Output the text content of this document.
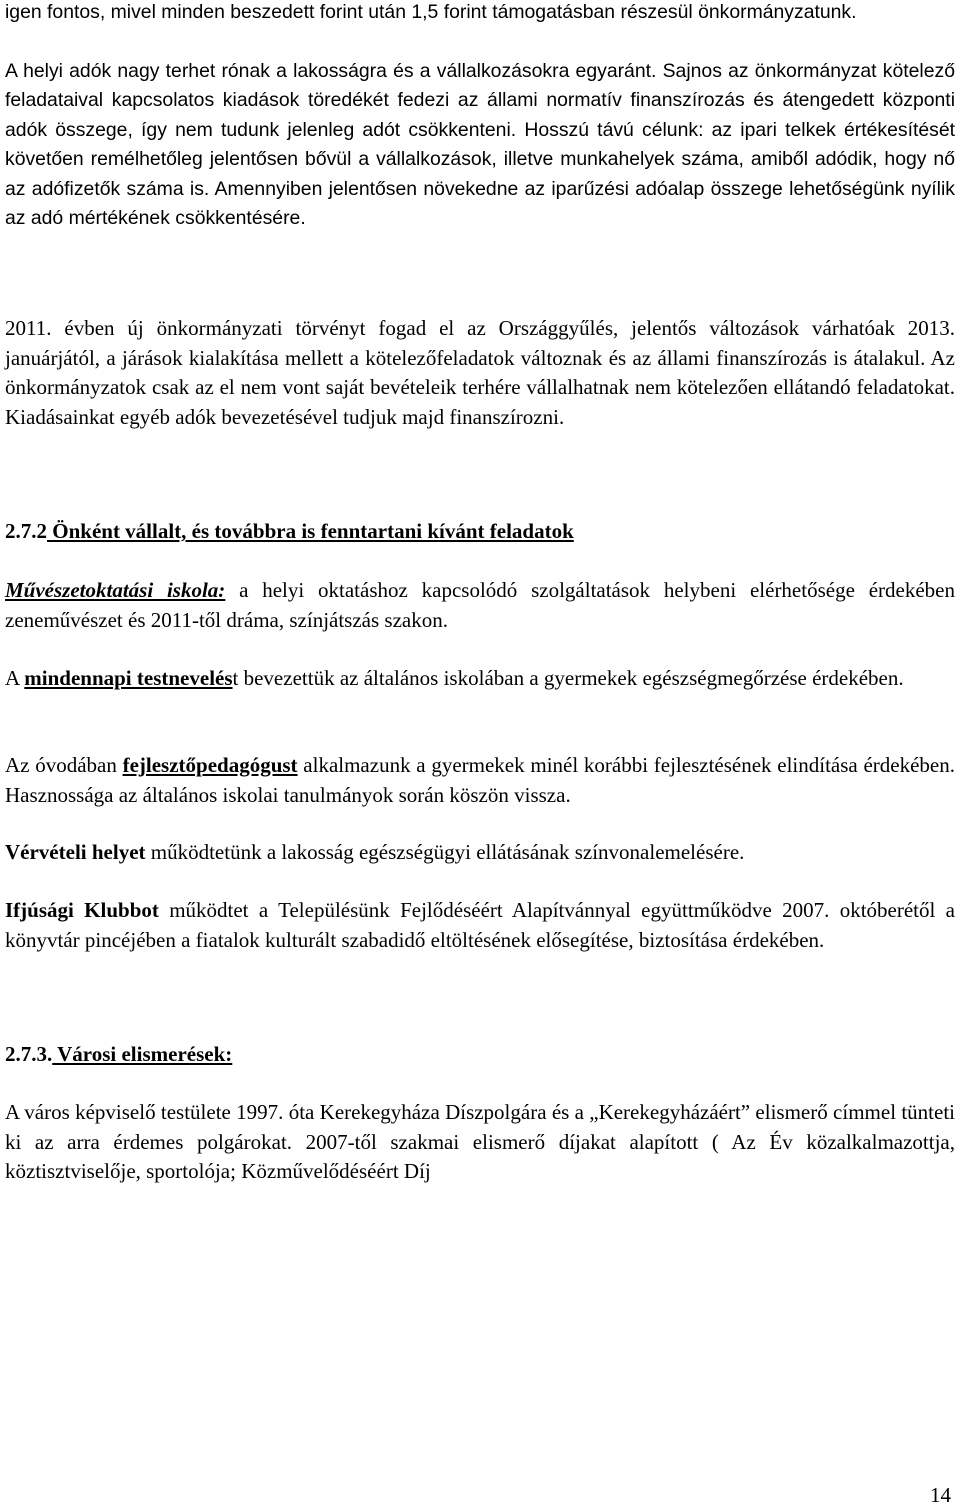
igen fontos, mivel minden beszedett forint után 1,5 forint támogatásban részesül önkormányzatunk.

A helyi adók nagy terhet rónak a lakosságra és a vállalkozásokra egyaránt. Sajnos az önkormányzat kötelező feladataival kapcsolatos kiadások töredékét fedezi az állami normatív finanszírozás és átengedett központi adók összege, így nem tudunk jelenleg adót csökkenteni. Hosszú távú célunk: az ipari telkek értékesítését követően remélhetőleg jelentősen bővül a vállalkozások, illetve munkahelyek száma, amiből adódik, hogy nő az adófizetők száma is. Amennyiben jelentősen növekedne az iparűzési adóalap összege lehetőségünk nyílik az adó mértékének csökkentésére.

2011. évben új önkormányzati törvényt fogad el az Országgyűlés, jelentős változások várhatóak 2013. januárjától, a járások kialakítása mellett a kötelezőfeladatok változnak és az állami finanszírozás is átalakul. Az önkormányzatok csak az el nem vont saját bevételeik terhére vállalhatnak nem kötelezően ellátandó feladatokat. Kiadásainkat egyéb adók bevezetésével tudjuk majd finanszírozni.

2.7.2 Önként vállalt, és továbbra is fenntartani kívánt feladatok

Művészetoktatási iskola: a helyi oktatáshoz kapcsolódó szolgáltatások helybeni elérhetősége érdekében zeneművészet és 2011-től dráma, színjátszás szakon.

A mindennapi testnevelést bevezettük az általános iskolában a gyermekek egészségmegőrzése érdekében.

Az óvodában fejlesztőpedagógust alkalmazunk a gyermekek minél korábbi fejlesztésének elindítása érdekében. Hasznossága az általános iskolai tanulmányok során köszön vissza.

Vérvételi helyet működtetünk a lakosság egészségügyi ellátásának színvonalemelésére.

Ifjúsági Klubbot működtet a Településünk Fejlődéséért Alapítvánnyal együttműködve 2007. októberétől a könyvtár pincéjében a fiatalok kulturált szabadidő eltöltésének elősegítése, biztosítása érdekében.

2.7.3. Városi elismerések:

A város képviselő testülete 1997. óta Kerekegyháza Díszpolgára és a „Kerekegyházáért” elismerő címmel tünteti ki az arra érdemes polgárokat. 2007-től szakmai elismerő díjakat alapított ( Az Év közalkalmazottja, köztisztviselője, sportolója; Közművelődéséért Díj

14
